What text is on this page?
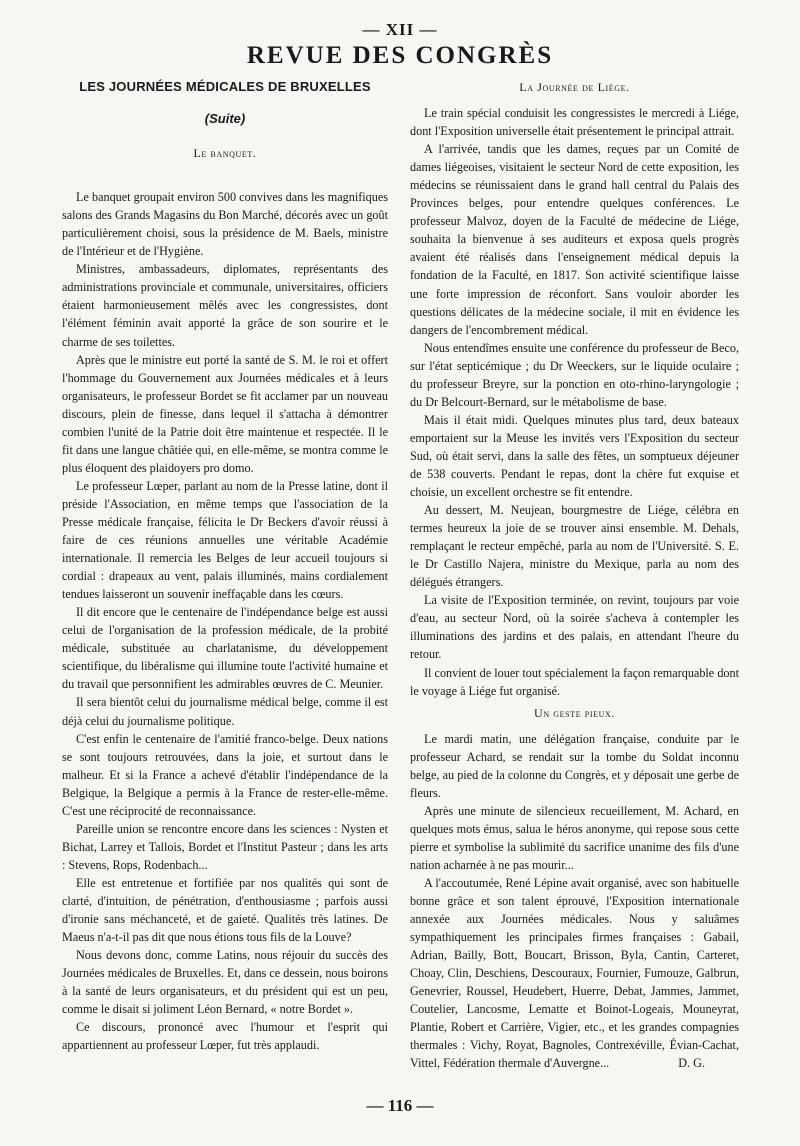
— XII —
REVUE DES CONGRÈS
LES JOURNÉES MÉDICALES DE BRUXELLES
(Suite)
Le banquet.

Le banquet groupait environ 500 convives dans les magnifiques salons des Grands Magasins du Bon Marché, décorés avec un goût particulièrement choisi, sous la présidence de M. Baels, ministre de l'Intérieur et de l'Hygiène.

Ministres, ambassadeurs, diplomates, représentants des administrations provinciale et communale, universitaires, officiers étaient harmonieusement mêlés avec les congressistes, dont l'élément féminin avait apporté la grâce de son sourire et le charme de ses toilettes.

Après que le ministre eut porté la santé de S. M. le roi et offert l'hommage du Gouvernement aux Journées médicales et à leurs organisateurs, le professeur Bordet se fit acclamer par un nouveau discours, plein de finesse, dans lequel il s'attacha à démontrer combien l'unité de la Patrie doit être maintenue et respectée. Il le fit dans une langue châtiée qui, en elle-même, se montra comme le plus éloquent des plaidoyers pro domo.

Le professeur Lœper, parlant au nom de la Presse latine, dont il préside l'Association, en même temps que l'association de la Presse médicale française, félicita le Dr Beckers d'avoir réussi à faire de ces réunions annuelles une véritable Académie internationale. Il remercia les Belges de leur accueil toujours si cordial : drapeaux au vent, palais illuminés, mains cordialement tendues laisseront un souvenir ineffaçable dans les cœurs.

Il dit encore que le centenaire de l'indépendance belge est aussi celui de l'organisation de la profession médicale, de la probité médicale, substituée au charlatanisme, du développement scientifique, du libéralisme qui illumine toute l'activité humaine et du travail que personnifient les admirables œuvres de C. Meunier.

Il sera bientôt celui du journalisme médical belge, comme il est déjà celui du journalisme politique.

C'est enfin le centenaire de l'amitié franco-belge. Deux nations se sont toujours retrouvées, dans la joie, et surtout dans le malheur. Et si la France a achevé d'établir l'indépendance de la Belgique, la Belgique a permis à la France de rester-elle-même. C'est une réciprocité de reconnaissance.

Pareille union se rencontre encore dans les sciences : Nysten et Bichat, Larrey et Tallois, Bordet et l'Institut Pasteur ; dans les arts : Stevens, Rops, Rodenbach...

Elle est entretenue et fortifiée par nos qualités qui sont de clarté, d'intuition, de pénétration, d'enthousiasme ; parfois aussi d'ironie sans méchanceté, et de gaieté. Qualités très latines. De Maeus n'a-t-il pas dit que nous étions tous fils de la Louve?

Nous devons donc, comme Latins, nous réjouir du succès des Journées médicales de Bruxelles. Et, dans ce dessein, nous boirons à la santé de leurs organisateurs, et du président qui est un peu, comme le disait si joliment Léon Bernard, « notre Bordet ».

Ce discours, prononcé avec l'humour et l'esprit qui appartiennent au professeur Lœper, fut très applaudi.

La Journée de Liége.

Le train spécial conduisit les congressistes le mercredi à Liége, dont l'Exposition universelle était présentement le principal attrait.

A l'arrivée, tandis que les dames, reçues par un Comité de dames liégeoises, visitaient le secteur Nord de cette exposition, les médecins se réunissaient dans le grand hall central du Palais des Provinces belges, pour entendre quelques conférences. Le professeur Malvoz, doyen de la Faculté de médecine de Liége, souhaita la bienvenue à ses auditeurs et exposa quels progrès avaient été réalisés dans l'enseignement médical depuis la fondation de la Faculté, en 1817. Son activité scientifique laisse une forte impression de réconfort. Sans vouloir aborder les questions délicates de la médecine sociale, il mit en évidence les dangers de l'encombrement médical.

Nous entendîmes ensuite une conférence du professeur de Beco, sur l'état septicémique ; du Dr Weeckers, sur le liquide oculaire ; du professeur Breyre, sur la ponction en oto-rhino-laryngologie ; du Dr Belcourt-Bernard, sur le métabolisme de base.

Mais il était midi. Quelques minutes plus tard, deux bateaux emportaient sur la Meuse les invités vers l'Exposition du secteur Sud, où était servi, dans la salle des fêtes, un somptueux déjeuner de 538 couverts. Pendant le repas, dont la chère fut exquise et choisie, un excellent orchestre se fit entendre.

Au dessert, M. Neujean, bourgmestre de Liége, célébra en termes heureux la joie de se trouver ainsi ensemble. M. Dehals, remplaçant le recteur empêché, parla au nom de l'Université. S. E. le Dr Castillo Najera, ministre du Mexique, parla au nom des délégués étrangers.

La visite de l'Exposition terminée, on revint, toujours par voie d'eau, au secteur Nord, où la soirée s'acheva à contempler les illuminations des jardins et des palais, en attendant l'heure du retour.

Il convient de louer tout spécialement la façon remarquable dont le voyage à Liége fut organisé.

Un geste pieux.

Le mardi matin, une délégation française, conduite par le professeur Achard, se rendait sur la tombe du Soldat inconnu belge, au pied de la colonne du Congrès, et y déposait une gerbe de fleurs.

Après une minute de silencieux recueillement, M. Achard, en quelques mots émus, salua le héros anonyme, qui repose sous cette pierre et symbolise la sublimité du sacrifice unanime des fils d'une nation acharnée à ne pas mourir...

A l'accoutumée, René Lépine avait organisé, avec son habituelle bonne grâce et son talent éprouvé, l'Exposition internationale annexée aux Journées médicales. Nous y saluâmes sympathiquement les principales firmes françaises : Gabail, Adrian, Bailly, Bott, Boucart, Brisson, Byla, Cantin, Carteret, Choay, Clin, Deschiens, Descouraux, Fournier, Fumouze, Galbrun, Genevrier, Roussel, Heudebert, Huerre, Debat, Jammes, Jammet, Coutelier, Lancosme, Lematte et Boinot-Logeais, Mouneyrat, Plantie, Robert et Carrière, Vigier, etc., et les grandes compagnies thermales : Vichy, Royat, Bagnoles, Contrexéville, Évian-Cachat, Vittel, Fédération thermale d'Auvergne...	D. G.

— 116 —
